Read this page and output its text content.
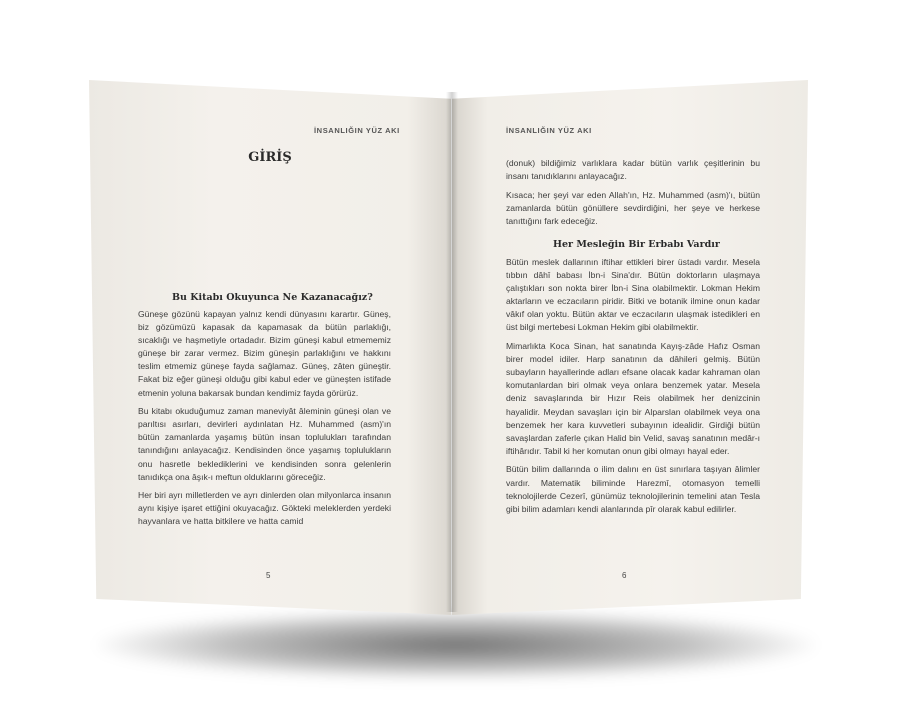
İNSANLIĞIN YÜZ AKI	İNSANLIĞIN YÜZ AKI
GİRİŞ
Bu Kitabı Okuyunca Ne Kazanacağız?

Güneşe gözünü kapayan yalnız kendi dünyasını karartır. Güneş, biz gözümüzü kapasak da kapamasak da bütün parlaklığı, sıcaklığı ve haşmetiyle ortadadır. Bizim güneşi kabul etmememiz güneşe bir zarar vermez. Bizim güneşin parlaklığını ve hakkını teslim etmemiz güneşe fayda sağlamaz. Güneş, zâten güneştir. Fakat biz eğer güneşi olduğu gibi kabul eder ve güneşten istifade etmenin yoluna bakarsak bundan kendimiz fayda görürüz.

Bu kitabı okuduğumuz zaman maneviyât âleminin güneşi olan ve parıltısı asırları, devirleri aydınlatan Hz. Muhammed (asm)'ın bütün zamanlarda yaşamış bütün insan toplulukları tarafından tanındığını anlayacağız. Kendisinden önce yaşamış toplulukların onu hasretle beklediklerini ve kendisinden sonra gelenlerin tanıdıkça ona âşık-ı meftun olduklarını göreceğiz.

Her biri ayrı milletlerden ve ayrı dinlerden olan milyonlarca insanın aynı kişiye işaret ettiğini okuyacağız. Gökteki meleklerden yerdeki hayvanlara ve hatta bitkilere ve hatta camid

5

(donuk) bildiğimiz varlıklara kadar bütün varlık çeşitlerinin bu insanı tanıdıklarını anlayacağız.

Kısaca; her şeyi var eden Allah'ın, Hz. Muhammed (asm)'ı, bütün zamanlarda bütün gönüllere sevdirdiğini, her şeye ve herkese tanıttığını fark edeceğiz.

Her Mesleğin Bir Erbabı Vardır

Bütün meslek dallarının iftihar ettikleri birer üstadı vardır. Mesela tıbbın dâhî babası İbn-i Sina'dır. Bütün doktorların ulaşmaya çalıştıkları son nokta birer İbn-i Sina olabilmektir. Lokman Hekim aktarların ve eczacıların piridir. Bitki ve botanik ilmine onun kadar vâkıf olan yoktu. Bütün aktar ve eczacıların ulaşmak istedikleri en üst bilgi mertebesi Lokman Hekim gibi olabilmektir.

Mimarlıkta Koca Sinan, hat sanatında Kayış-zâde Hafız Osman birer model idiler. Harp sanatının da dâhileri gelmiş. Bütün subayların hayallerinde adları efsane olacak kadar kahraman olan komutanlardan biri olmak veya onlara benzemek yatar. Mesela deniz savaşlarında bir Hızır Reis olabilmek her denizcinin hayalidir. Meydan savaşları için bir Alparslan olabilmek veya ona benzemek her kara kuvvetleri subayının idealidir. Girdiği bütün savaşlardan zaferle çıkan Halid bin Velid, savaş sanatının medâr-ı iftihârıdır. Tabil ki her komutan onun gibi olmayı hayal eder.

Bütün bilim dallarında o ilim dalını en üst sınırlara taşıyan âlimler vardır. Matematik biliminde Harezmî, otomasyon temelli teknolojilerde Cezerî, günümüz teknolojilerinin temelini atan Tesla gibi bilim adamları kendi alanlarında pîr olarak kabul edilirler.

6
